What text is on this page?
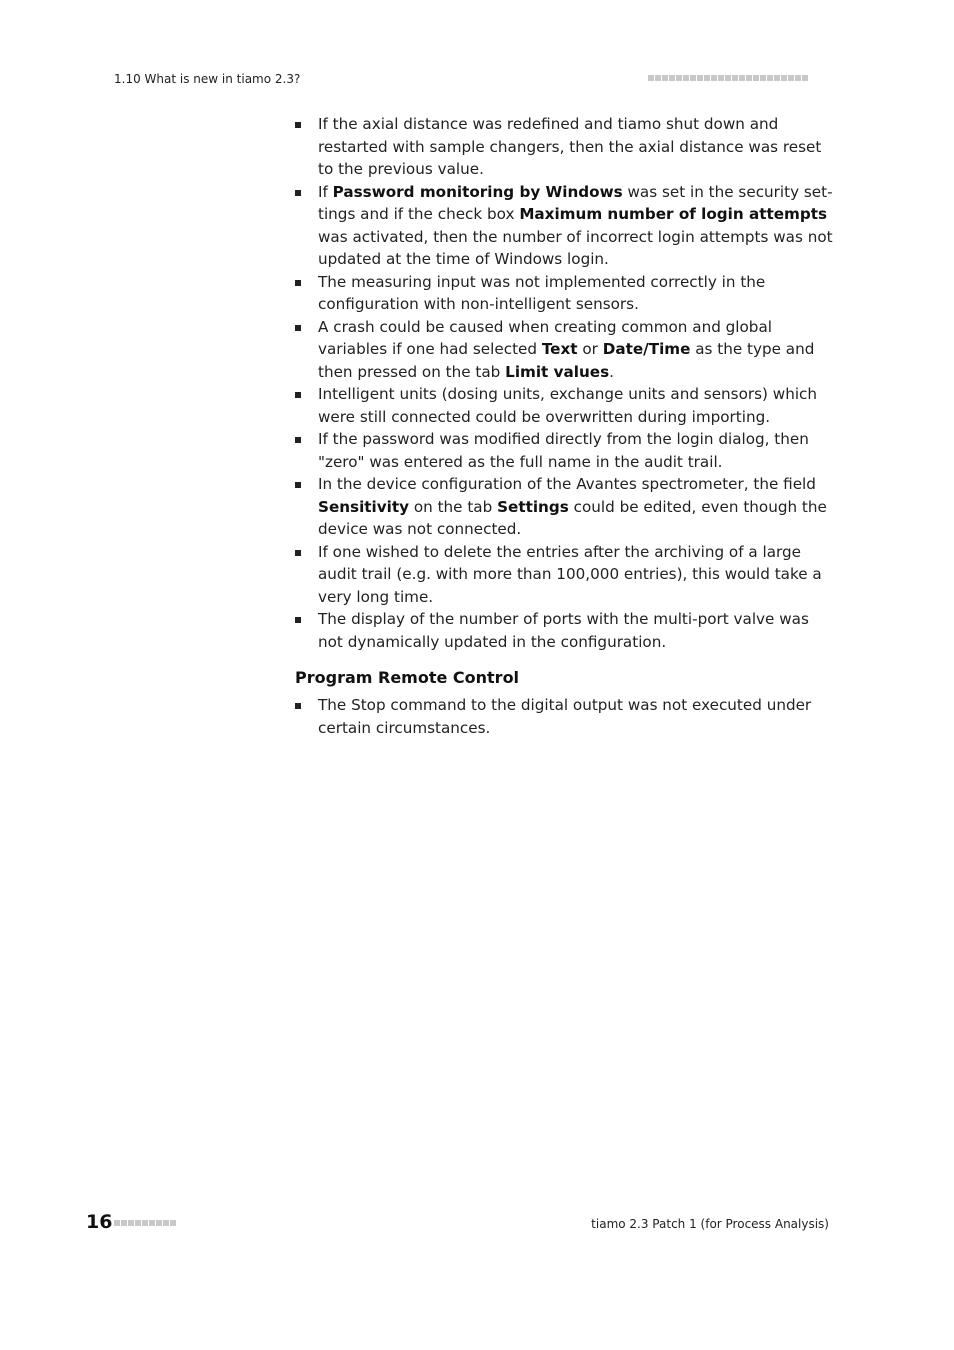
1.10 What is new in tiamo 2.3?
If the axial distance was redefined and tiamo shut down and restarted with sample changers, then the axial distance was reset to the previous value.
If Password monitoring by Windows was set in the security settings and if the check box Maximum number of login attempts was activated, then the number of incorrect login attempts was not updated at the time of Windows login.
The measuring input was not implemented correctly in the configuration with non-intelligent sensors.
A crash could be caused when creating common and global variables if one had selected Text or Date/Time as the type and then pressed on the tab Limit values.
Intelligent units (dosing units, exchange units and sensors) which were still connected could be overwritten during importing.
If the password was modified directly from the login dialog, then "zero" was entered as the full name in the audit trail.
In the device configuration of the Avantes spectrometer, the field Sensitivity on the tab Settings could be edited, even though the device was not connected.
If one wished to delete the entries after the archiving of a large audit trail (e.g. with more than 100,000 entries), this would take a very long time.
The display of the number of ports with the multi-port valve was not dynamically updated in the configuration.
Program Remote Control
The Stop command to the digital output was not executed under certain circumstances.
16	tiamo 2.3 Patch 1 (for Process Analysis)
